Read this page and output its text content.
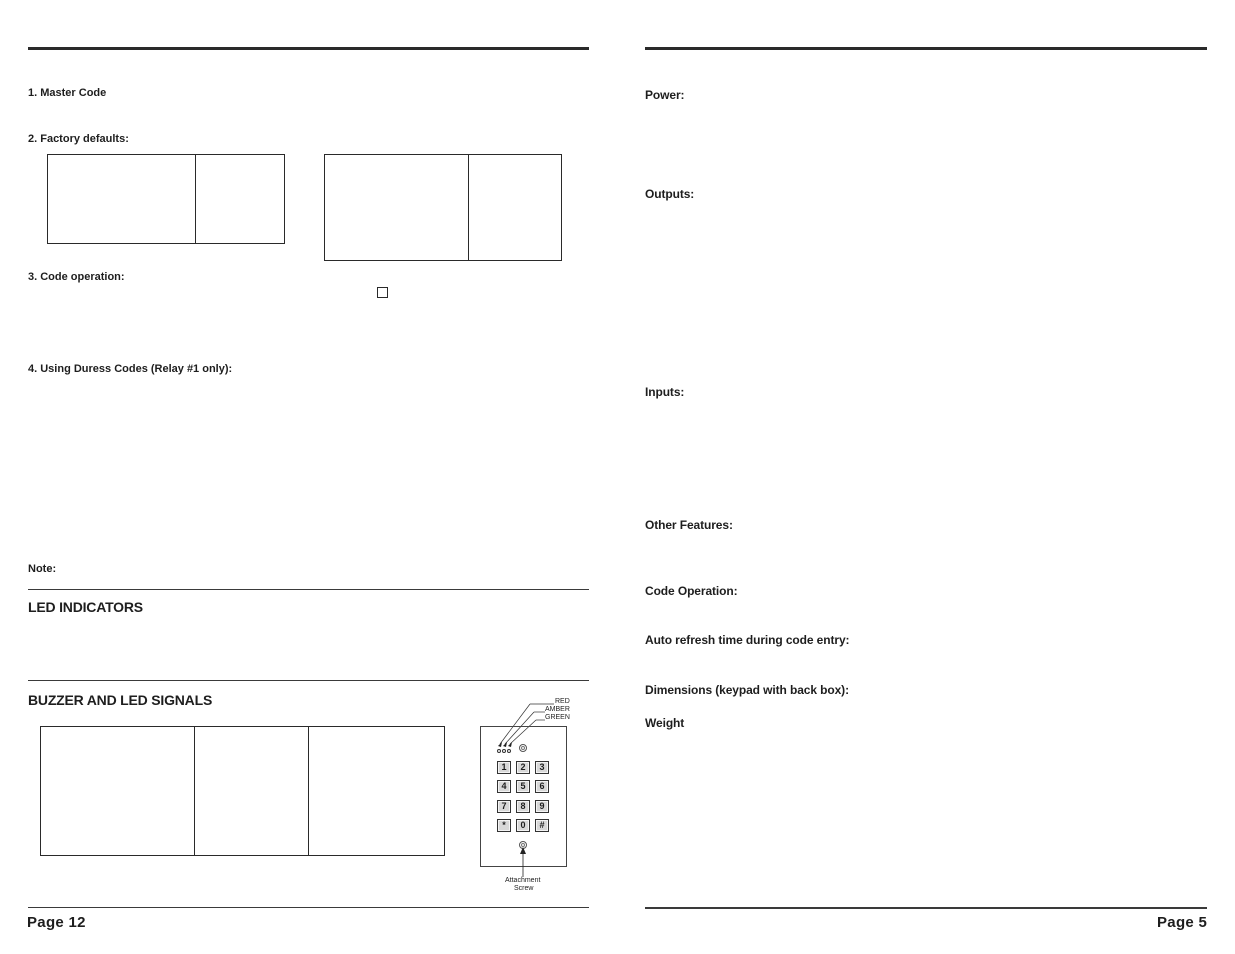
1. Master Code
2. Factory defaults:
3. Code operation:
4. Using Duress Codes (Relay #1 only):
Note:
LED INDICATORS
BUZZER AND LED SIGNALS	RED
AMBER
GREEN
1	2	3
4	5	6
7	8	9
*	0	#
Attachment
Screw
Page 12
Power:
Outputs:
Inputs:
Other Features:
Code Operation:
Auto refresh time during code entry:
Dimensions (keypad with back box):
Weight
Page 5
